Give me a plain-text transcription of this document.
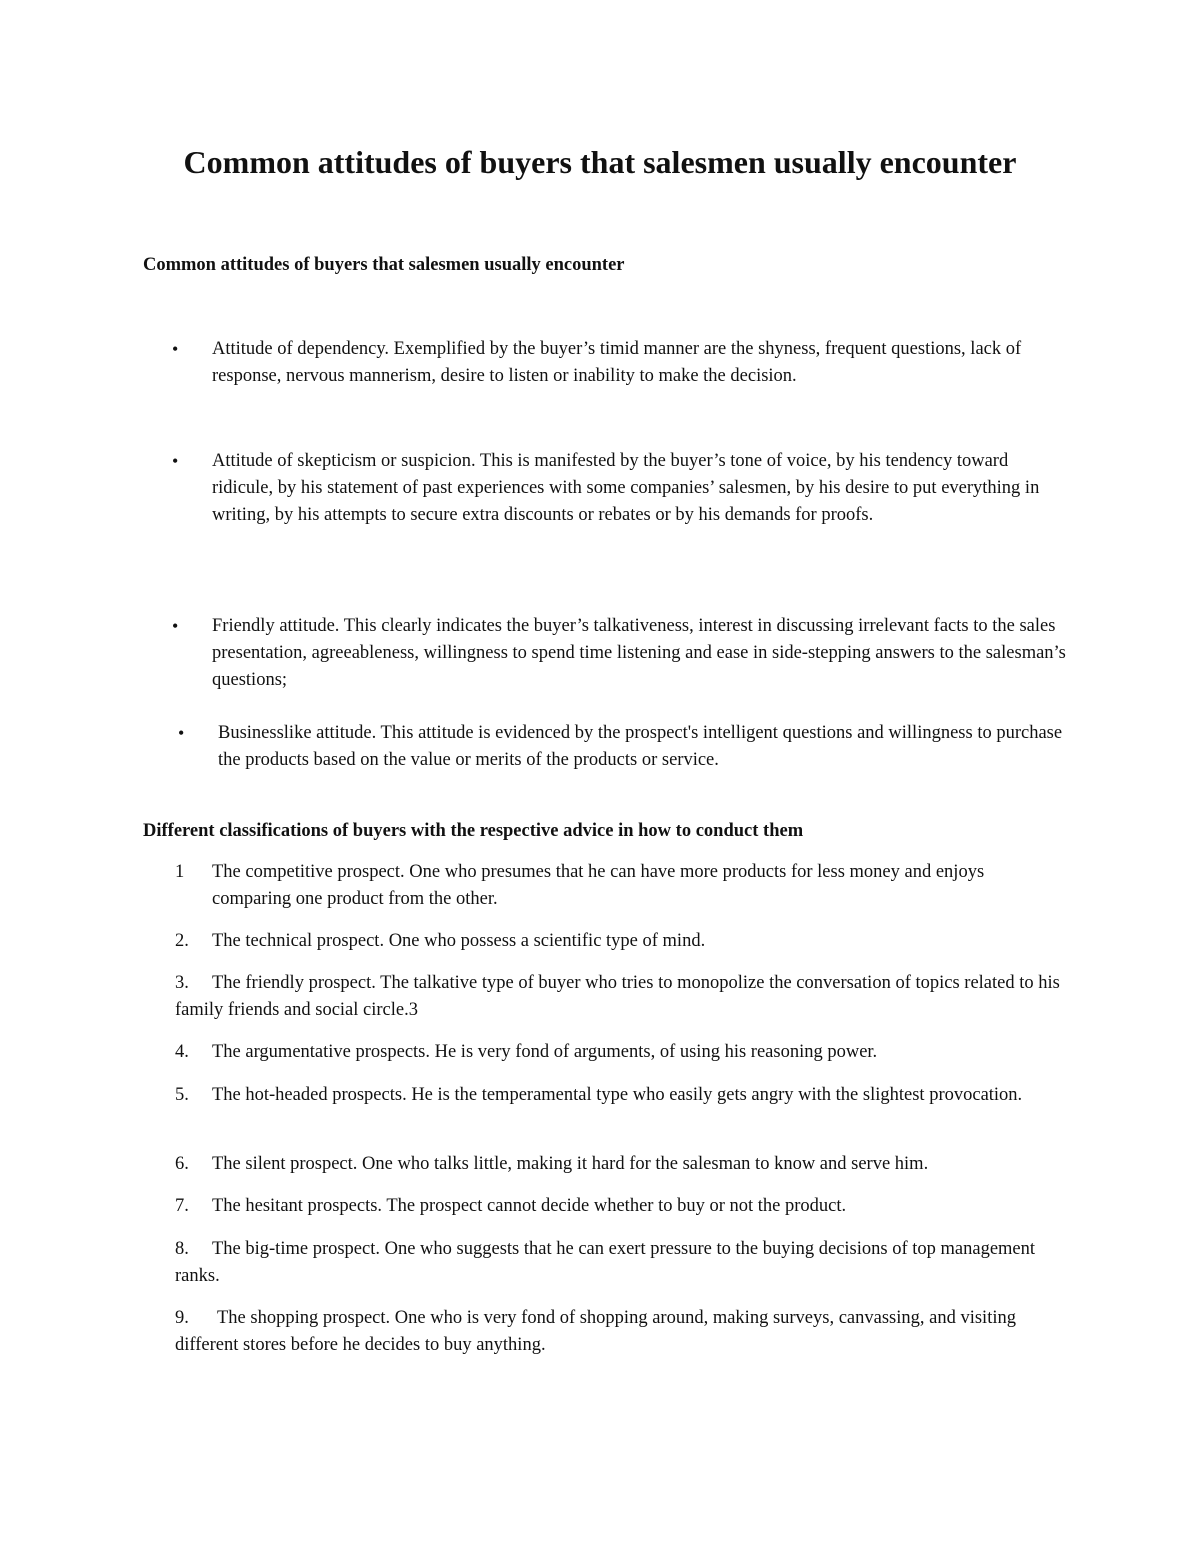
Common attitudes of buyers that salesmen usually encounter
Common attitudes of buyers that salesmen usually encounter
• Attitude of dependency. Exemplified by the buyer’s timid manner are the shyness, frequent questions, lack of response, nervous mannerism, desire to listen or inability to make the decision.
• Attitude of skepticism or suspicion. This is manifested by the buyer’s tone of voice, by his tendency toward ridicule, by his statement of past experiences with some companies’ salesmen, by his desire to put everything in writing, by his attempts to secure extra discounts or rebates or by his demands for proofs.
• Friendly attitude. This clearly indicates the buyer’s talkativeness, interest in discussing irrelevant facts to the sales presentation, agreeableness, willingness to spend time listening and ease in side-stepping answers to the salesman’s questions;
• Businesslike attitude. This attitude is evidenced by the prospect's intelligent questions and willingness to purchase the products based on the value or merits of the products or service.
Different classifications of buyers with the respective advice in how to conduct them
1 The competitive prospect. One who presumes that he can have more products for less money and enjoys comparing one product from the other.
2. The technical prospect. One who possess a scientific type of mind.
3. The friendly prospect. The talkative type of buyer who tries to monopolize the conversation of topics related to his family friends and social circle.3
4. The argumentative prospects. He is very fond of arguments, of using his reasoning power.
5. The hot-headed prospects. He is the temperamental type who easily gets angry with the slightest provocation.
6. The silent prospect. One who talks little, making it hard for the salesman to know and serve him.
7. The hesitant prospects. The prospect cannot decide whether to buy or not the product.
8. The big-time prospect. One who suggests that he can exert pressure to the buying decisions of top management ranks.
9. The shopping prospect. One who is very fond of shopping around, making surveys, canvassing, and visiting different stores before he decides to buy anything.
